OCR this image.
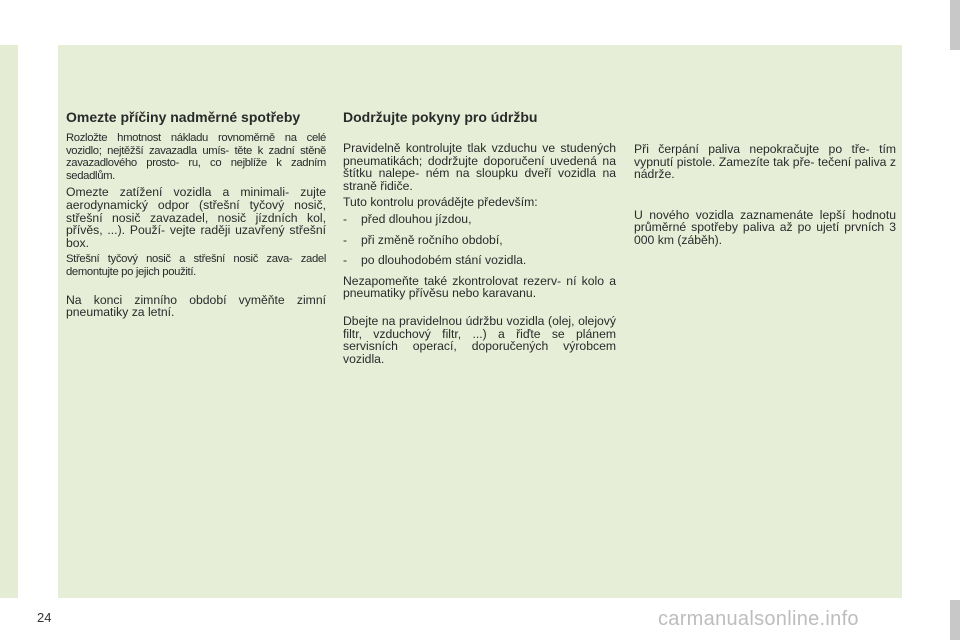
Omezte příčiny nadměrné spotřeby

Rozložte hmotnost nákladu rovnoměrně na celé vozidlo; nejtěžší zavazadla umís- těte k zadní stěně zavazadlového prosto- ru, co nejblíže k zadním sedadlům.

Omezte zatížení vozidla a minimali- zujte aerodynamický odpor (střešní tyčový nosič, střešní nosič zavazadel, nosič jízdních kol, přívěs, ...). Použí- vejte raději uzavřený střešní box.

Střešní tyčový nosič a střešní nosič zava- zadel demontujte po jejich použití.

Na konci zimního období vyměňte zimní pneumatiky za letní.

Dodržujte pokyny pro údržbu

Pravidelně kontrolujte tlak vzduchu ve studených pneumatikách; dodržujte doporučení uvedená na štítku nalepe- ném na sloupku dveří vozidla na straně řidiče.

Tuto kontrolu provádějte především:

-	před dlouhou jízdou,
-	při změně ročního období,
-	po dlouhodobém stání vozidla.

Nezapomeňte také zkontrolovat rezerv- ní kolo a pneumatiky přívěsu nebo karavanu.

Dbejte na pravidelnou údržbu vozidla (olej, olejový filtr, vzduchový filtr, ...) a řiďte se plánem servisních operací, doporučených výrobcem vozidla.

Při čerpání paliva nepokračujte po tře- tím vypnutí pistole. Zamezíte tak pře- tečení paliva z nádrže.

U nového vozidla zaznamenáte lepší hodnotu průměrné spotřeby paliva až po ujetí prvních 3 000 km (záběh).

24	carmanualsonline.info
